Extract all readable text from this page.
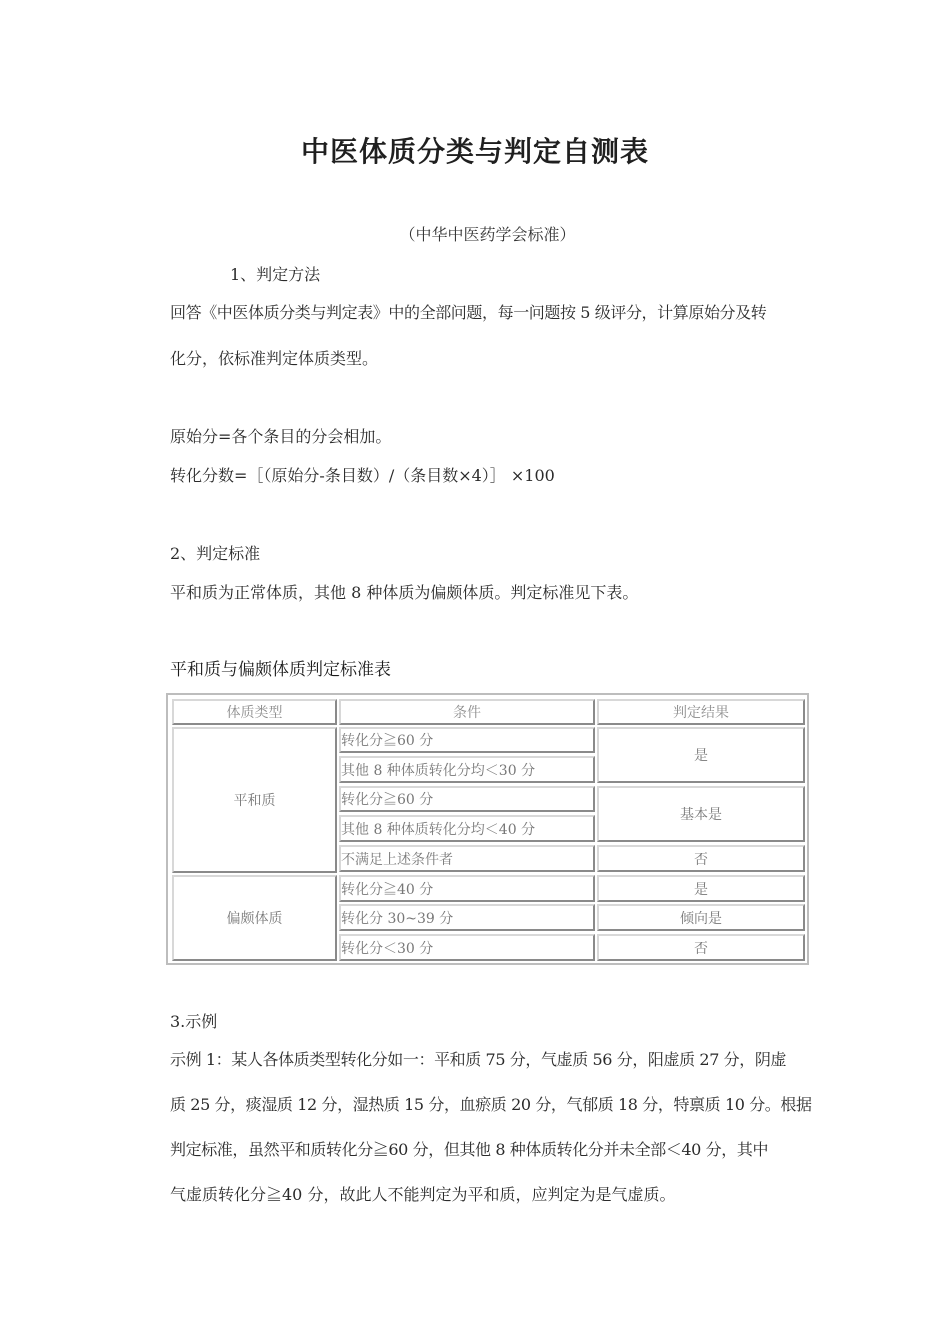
中医体质分类与判定自测表

（中华中医药学会标准）

1、判定方法

回答《中医体质分类与判定表》中的全部问题，每一问题按 5 级评分，计算原始分及转

化分，依标准判定体质类型。

原始分=各个条目的分会相加。

转化分数=［（原始分-条目数）/（条目数×4）］ ×100

2、判定标准

平和质为正常体质，其他 8 种体质为偏颇体质。判定标准见下表。

平和质与偏颇体质判定标准表

体质类型	条件	判定结果
平和质
偏颇体质
转化分≧60 分
其他 8 种体质转化分均＜30 分
转化分≧60 分
其他 8 种体质转化分均＜40 分
不满足上述条件者
转化分≧40 分
转化分 30~39 分
转化分＜30 分
是
基本是
否
是
倾向是
否

3.示例

示例 1：某人各体质类型转化分如一：平和质 75 分，气虚质 56 分，阳虚质 27 分，阴虚

质 25 分，痰湿质 12 分，湿热质 15 分，血瘀质 20 分，气郁质 18 分，特禀质 10 分。根据

判定标准，虽然平和质转化分≧60 分，但其他 8 种体质转化分并未全部＜40 分，其中

气虚质转化分≧40 分，故此人不能判定为平和质，应判定为是气虚质。
